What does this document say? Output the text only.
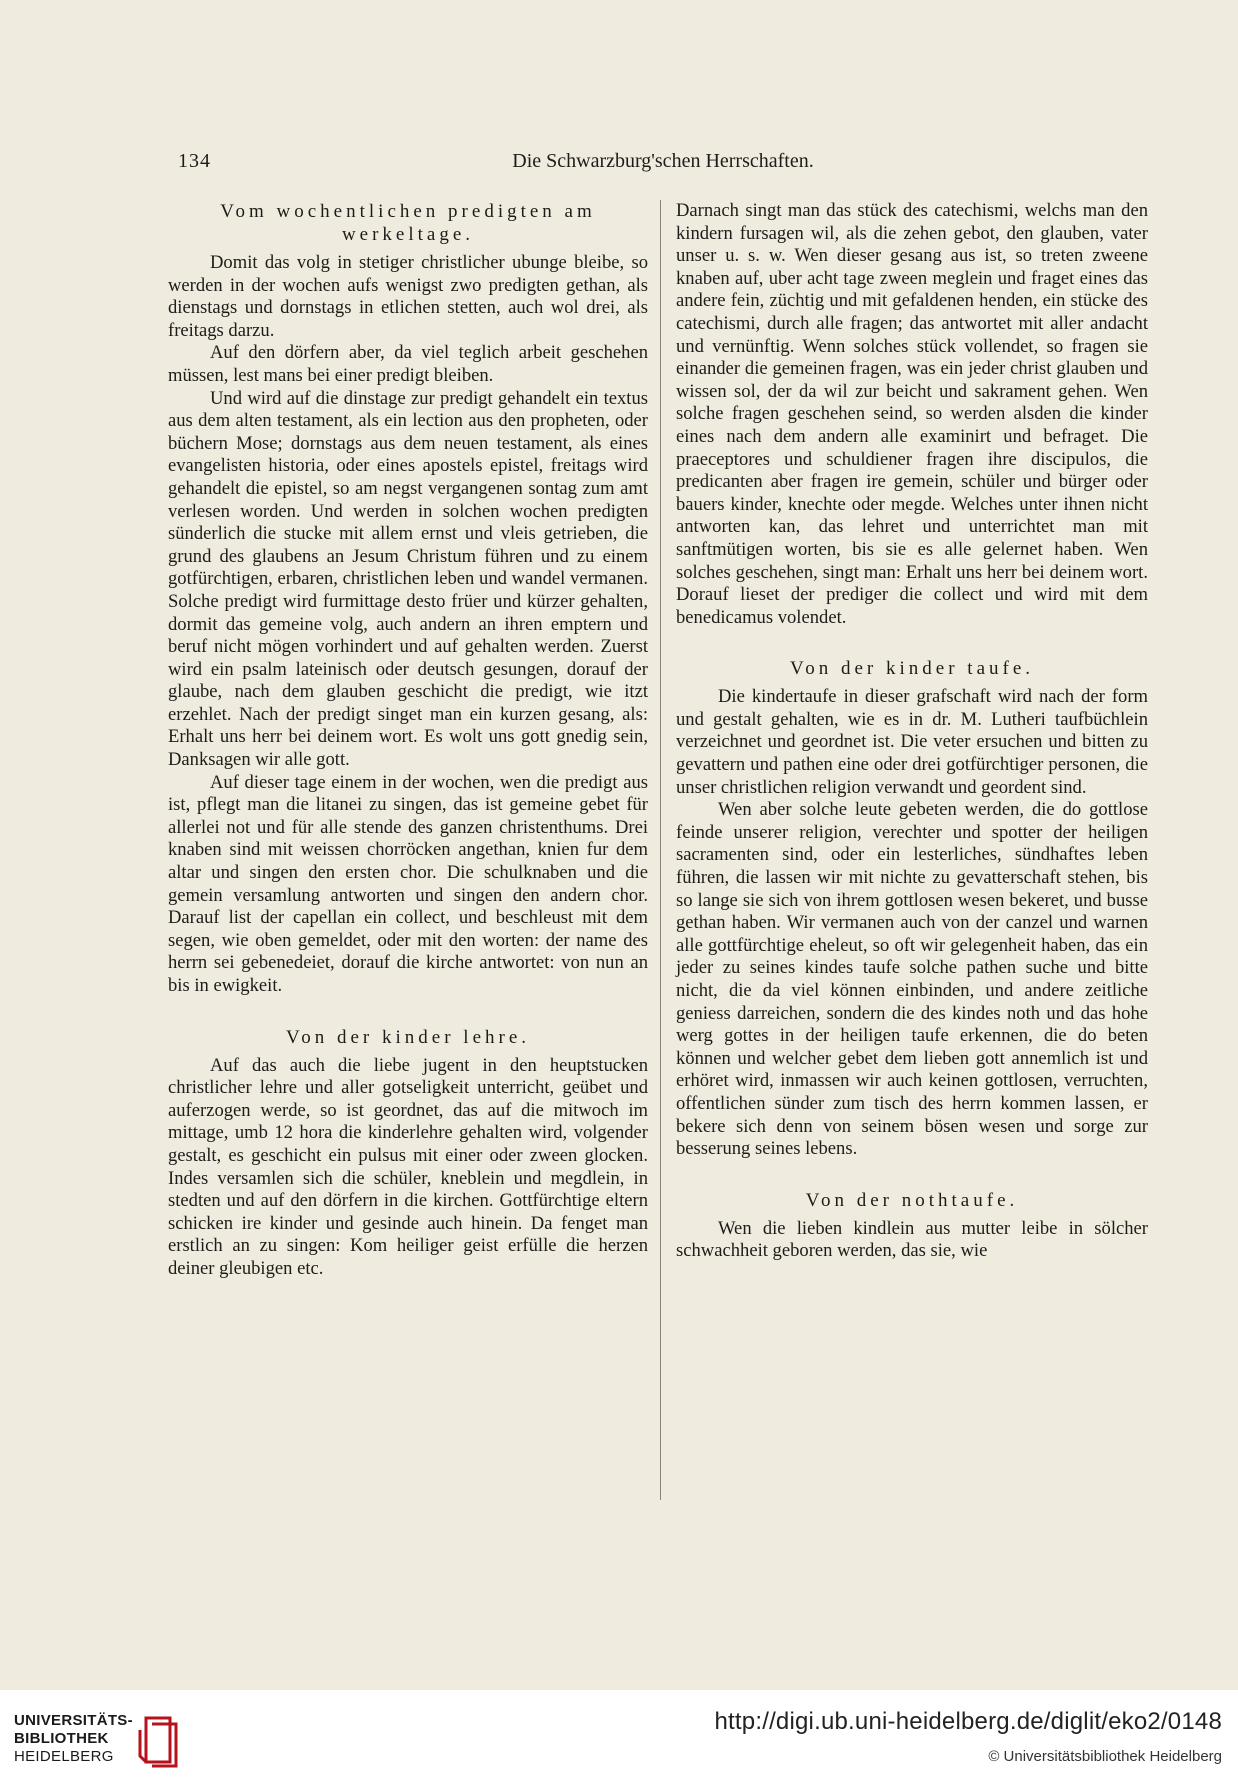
134	Die Schwarzburg'schen Herrschaften.
Vom wochentlichen predigten am werkeltage.

Domit das volg in stetiger christlicher ubunge bleibe, so werden in der wochen aufs wenigst zwo predigten gethan, als dienstags und dornstags in etlichen stetten, auch wol drei, als freitags darzu.

Auf den dörfern aber, da viel teglich arbeit geschehen müssen, lest mans bei einer predigt bleiben.

Und wird auf die dinstage zur predigt gehandelt ein textus aus dem alten testament, als ein lection aus den propheten, oder büchern Mose; dornstags aus dem neuen testament, als eines evangelisten historia, oder eines apostels epistel, freitags wird gehandelt die epistel, so am negst vergangenen sontag zum amt verlesen worden. Und werden in solchen wochen predigten sünderlich die stucke mit allem ernst und vleis getrieben, die grund des glaubens an Jesum Christum führen und zu einem gotfürchtigen, erbaren, christlichen leben und wandel vermanen. Solche predigt wird furmittage desto früer und kürzer gehalten, dormit das gemeine volg, auch andern an ihren emptern und beruf nicht mögen vorhindert und auf gehalten werden. Zuerst wird ein psalm lateinisch oder deutsch gesungen, dorauf der glaube, nach dem glauben geschicht die predigt, wie itzt erzehlet. Nach der predigt singet man ein kurzen gesang, als: Erhalt uns herr bei deinem wort. Es wolt uns gott gnedig sein, Danksagen wir alle gott.

Auf dieser tage einem in der wochen, wen die predigt aus ist, pflegt man die litanei zu singen, das ist gemeine gebet für allerlei not und für alle stende des ganzen christenthums. Drei knaben sind mit weissen chorröcken angethan, knien fur dem altar und singen den ersten chor. Die schulknaben und die gemein versamlung antworten und singen den andern chor. Darauf list der capellan ein collect, und beschleust mit dem segen, wie oben gemeldet, oder mit den worten: der name des herrn sei gebenedeiet, dorauf die kirche antwortet: von nun an bis in ewigkeit.

Von der kinder lehre.

Auf das auch die liebe jugent in den heuptstucken christlicher lehre und aller gotseligkeit unterricht, geübet und auferzogen werde, so ist geordnet, das auf die mitwoch im mittage, umb 12 hora die kinderlehre gehalten wird, volgender gestalt, es geschicht ein pulsus mit einer oder zween glocken. Indes versamlen sich die schüler, kneblein und megdlein, in stedten und auf den dörfern in die kirchen. Gottfürchtige eltern schicken ire kinder und gesinde auch hinein. Da fenget man erstlich an zu singen: Kom heiliger geist erfülle die herzen deiner gleubigen etc.

Darnach singt man das stück des catechismi, welchs man den kindern fursagen wil, als die zehen gebot, den glauben, vater unser u. s. w. Wen dieser gesang aus ist, so treten zweene knaben auf, uber acht tage zween meglein und fraget eines das andere fein, züchtig und mit gefaldenen henden, ein stücke des catechismi, durch alle fragen; das antwortet mit aller andacht und vernünftig. Wenn solches stück vollendet, so fragen sie einander die gemeinen fragen, was ein jeder christ glauben und wissen sol, der da wil zur beicht und sakrament gehen. Wen solche fragen geschehen seind, so werden alsden die kinder eines nach dem andern alle examinirt und befraget. Die praeceptores und schuldiener fragen ihre discipulos, die predicanten aber fragen ire gemein, schüler und bürger oder bauers kinder, knechte oder megde. Welches unter ihnen nicht antworten kan, das lehret und unterrichtet man mit sanftmütigen worten, bis sie es alle gelernet haben. Wen solches geschehen, singt man: Erhalt uns herr bei deinem wort. Dorauf lieset der prediger die collect und wird mit dem benedicamus volendet.

Von der kinder taufe.

Die kindertaufe in dieser grafschaft wird nach der form und gestalt gehalten, wie es in dr. M. Lutheri taufbüchlein verzeichnet und geordnet ist. Die veter ersuchen und bitten zu gevattern und pathen eine oder drei gotfürchtiger personen, die unser christlichen religion verwandt und geordent sind.

Wen aber solche leute gebeten werden, die do gottlose feinde unserer religion, verechter und spotter der heiligen sacramenten sind, oder ein lesterliches, sündhaftes leben führen, die lassen wir mit nichte zu gevatterschaft stehen, bis so lange sie sich von ihrem gottlosen wesen bekeret, und busse gethan haben. Wir vermanen auch von der canzel und warnen alle gottfürchtige eheleut, so oft wir gelegenheit haben, das ein jeder zu seines kindes taufe solche pathen suche und bitte nicht, die da viel können einbinden, und andere zeitliche geniess darreichen, sondern die des kindes noth und das hohe werg gottes in der heiligen taufe erkennen, die do beten können und welcher gebet dem lieben gott annemlich ist und erhöret wird, inmassen wir auch keinen gottlosen, verruchten, offentlichen sünder zum tisch des herrn kommen lassen, er bekere sich denn von seinem bösen wesen und sorge zur besserung seines lebens.

Von der nothtaufe.

Wen die lieben kindlein aus mutter leibe in sölcher schwachheit geboren werden, das sie, wie

UNIVERSITÄTS-
BIBLIOTHEK
HEIDELBERG
http://digi.ub.uni-heidelberg.de/diglit/eko2/0148
© Universitätsbibliothek Heidelberg
